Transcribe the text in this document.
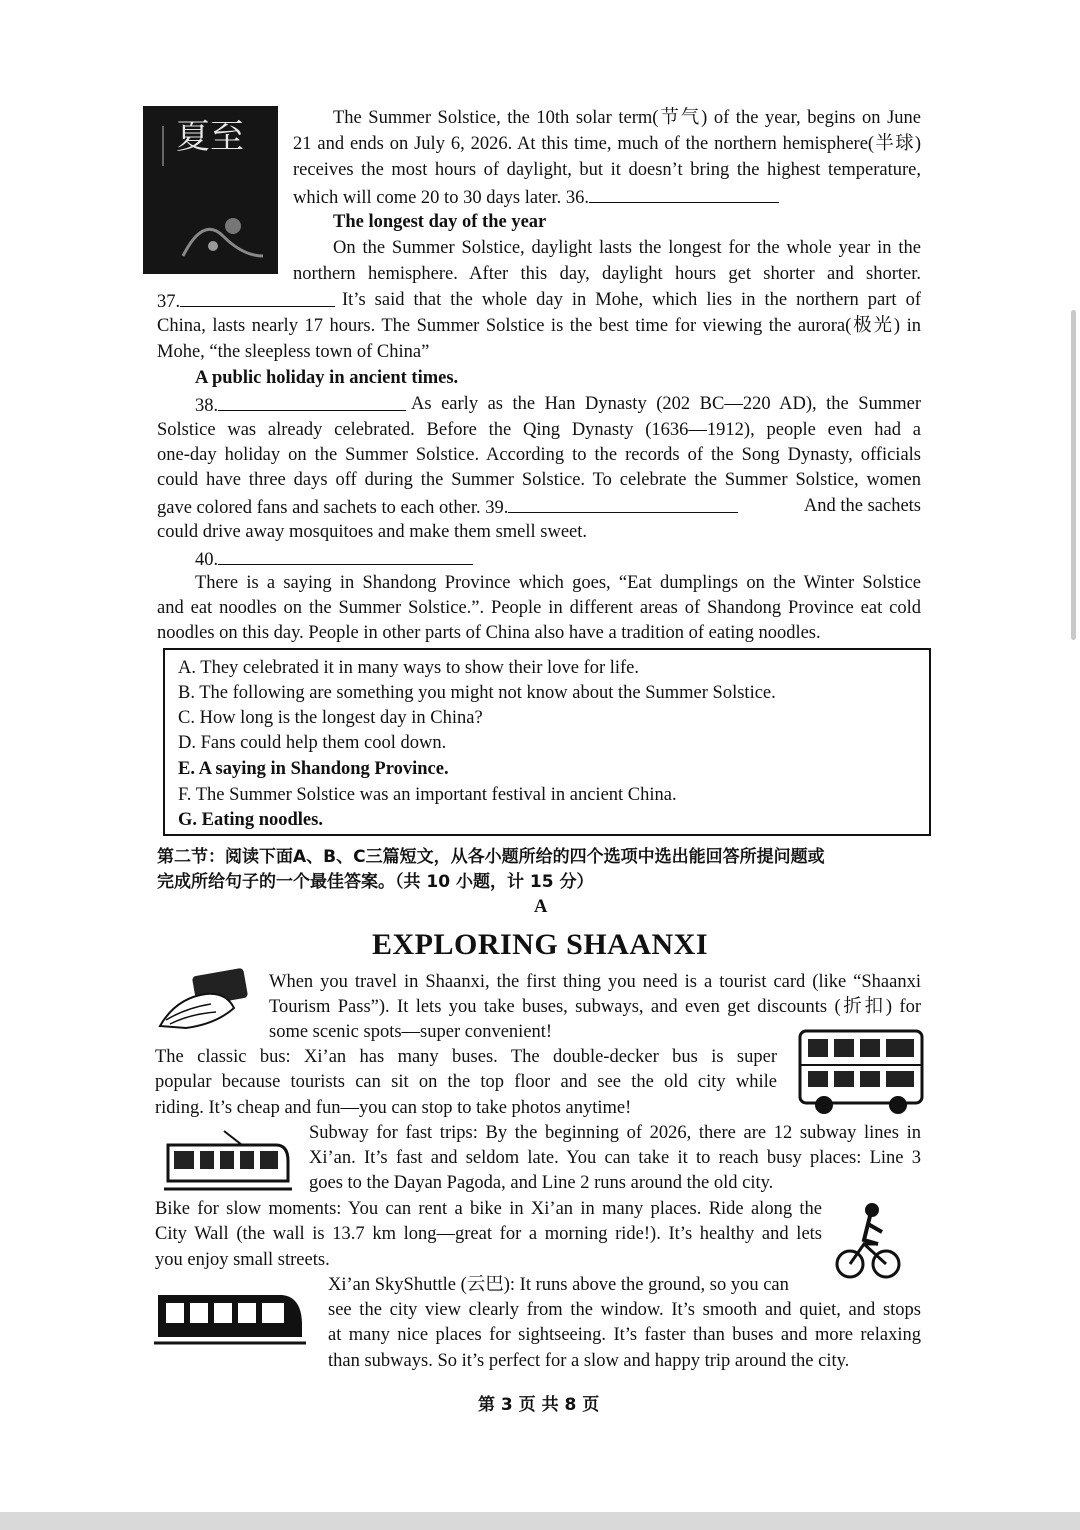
夏至	The Summer Solstice, the 10th solar term(节气) of the year, begins on June
21 and ends on July 6, 2026. At this time, much of the northern hemisphere(半球)
receives the most hours of daylight, but it doesn’t bring the highest temperature,
which will come 20 to 30 days later. 36.
The longest day of the year
On the Summer Solstice, daylight lasts the longest for the whole year in the
northern hemisphere. After this day, daylight hours get shorter and shorter.
37.	It’s said that the whole day in Mohe, which lies in the northern part of
China, lasts nearly 17 hours. The Summer Solstice is the best time for viewing the aurora(极光) in
Mohe, “the sleepless town of China”
A public holiday in ancient times.
38.	As early as the Han Dynasty (202 BC—220 AD), the Summer
Solstice was already celebrated. Before the Qing Dynasty (1636—1912), people even had a
one-day holiday on the Summer Solstice. According to the records of the Song Dynasty, officials
could have three days off during the Summer Solstice. To celebrate the Summer Solstice, women
gave colored fans and sachets to each other. 39.	And the sachets
could drive away mosquitoes and make them smell sweet.
40.
There is a saying in Shandong Province which goes, “Eat dumplings on the Winter Solstice
and eat noodles on the Summer Solstice.”. People in different areas of Shandong Province eat cold
noodles on this day. People in other parts of China also have a tradition of eating noodles.
A. They celebrated it in many ways to show their love for life.
B. The following are something you might not know about the Summer Solstice.
C. How long is the longest day in China?
D. Fans could help them cool down.
E. A saying in Shandong Province.
F. The Summer Solstice was an important festival in ancient China.
G. Eating noodles.
第二节：阅读下面A、B、C三篇短文，从各小题所给的四个选项中选出能回答所提问题或
完成所给句子的一个最佳答案。（共 10 小题，计 15 分）
A
EXPLORING SHAANXI
When you travel in Shaanxi, the first thing you need is a tourist card (like “Shaanxi
Tourism Pass”). It lets you take buses, subways, and even get discounts (折扣) for
some scenic spots—super convenient!
The classic bus: Xi’an has many buses. The double-decker bus is super
popular because tourists can sit on the top floor and see the old city while
riding. It’s cheap and fun—you can stop to take photos anytime!
Subway for fast trips: By the beginning of 2026, there are 12 subway lines in
Xi’an. It’s fast and seldom late. You can take it to reach busy places: Line 3
goes to the Dayan Pagoda, and Line 2 runs around the old city.
Bike for slow moments: You can rent a bike in Xi’an in many places. Ride along the
City Wall (the wall is 13.7 km long—great for a morning ride!). It’s healthy and lets
you enjoy small streets.
Xi’an SkyShuttle (云巴): It runs above the ground, so you can
see the city view clearly from the window. It’s smooth and quiet, and stops
at many nice places for sightseeing. It’s faster than buses and more relaxing
than subways. So it’s perfect for a slow and happy trip around the city.
第 3 页 共 8 页
